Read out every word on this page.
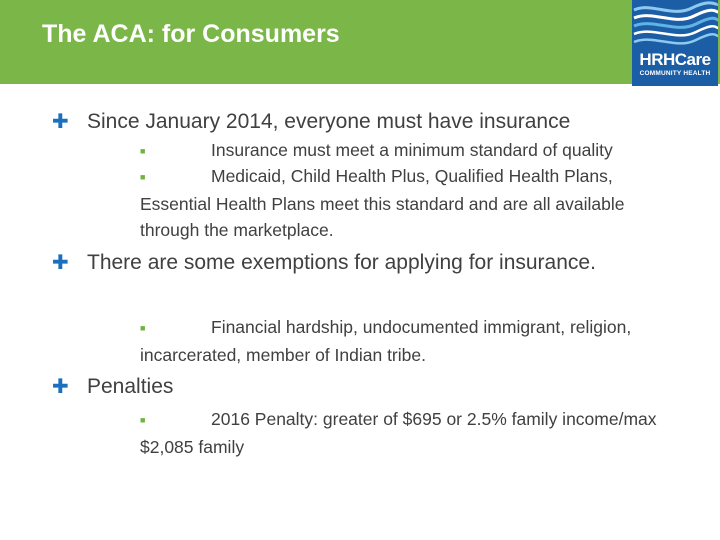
The ACA: for Consumers
HRHCare
COMMUNITY HEALTH
✚ Since January 2014, everyone must have insurance
■	Insurance must meet a minimum standard of quality
■	Medicaid, Child Health Plus, Qualified Health Plans, Essential Health Plans meet this standard and are all available through the marketplace.
✚ There are some exemptions for applying for insurance.
■	Financial hardship, undocumented immigrant, religion, incarcerated, member of Indian tribe.
✚ Penalties
■	2016 Penalty: greater of $695 or 2.5% family income/max $2,085 family
